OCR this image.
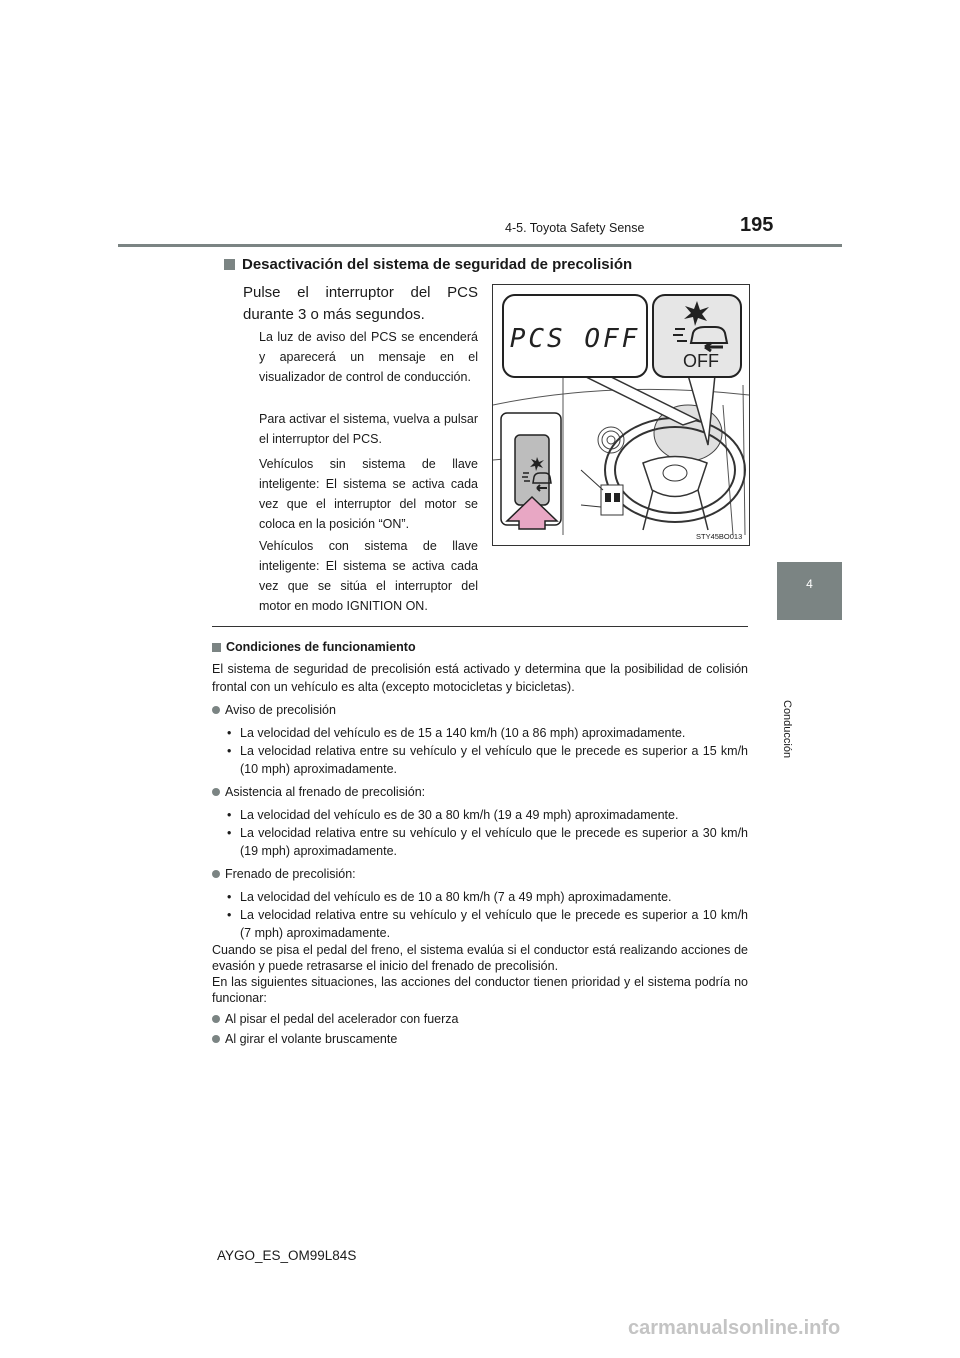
4-5. Toyota Safety Sense	195
4
Conducción
Desactivación del sistema de seguridad de precolisión
Pulse el interruptor del PCS durante 3 o más segundos.
La luz de aviso del PCS se encenderá y aparecerá un mensaje en el visualizador de control de conducción.
Para activar el sistema, vuelva a pulsar el interruptor del PCS.
Vehículos sin sistema de llave inteligente: El sistema se activa cada vez que el interruptor del motor se coloca en la posición “ON”.
Vehículos con sistema de llave inteligente: El sistema se activa cada vez que se sitúa el interruptor del motor en modo IGNITION ON.
PCS OFF
OFF
STY45BO013
Condiciones de funcionamiento

El sistema de seguridad de precolisión está activado y determina que la posibilidad de colisión frontal con un vehículo es alta (excepto motocicletas y bicicletas).

Aviso de precolisión
• La velocidad del vehículo es de 15 a 140 km/h (10 a 86 mph) aproximadamente.
• La velocidad relativa entre su vehículo y el vehículo que le precede es superior a 15 km/h (10 mph) aproximadamente.
Asistencia al frenado de precolisión:
• La velocidad del vehículo es de 30 a 80 km/h (19 a 49 mph) aproximadamente.
• La velocidad relativa entre su vehículo y el vehículo que le precede es superior a 30 km/h (19 mph) aproximadamente.
Frenado de precolisión:
• La velocidad del vehículo es de 10 a 80 km/h (7 a 49 mph) aproximadamente.
• La velocidad relativa entre su vehículo y el vehículo que le precede es superior a 10 km/h (7 mph) aproximadamente.

Cuando se pisa el pedal del freno, el sistema evalúa si el conductor está realizando acciones de evasión y puede retrasarse el inicio del frenado de precolisión.

En las siguientes situaciones, las acciones del conductor tienen prioridad y el sistema podría no funcionar:

Al pisar el pedal del acelerador con fuerza
Al girar el volante bruscamente
AYGO_ES_OM99L84S
carmanualsonline.info
